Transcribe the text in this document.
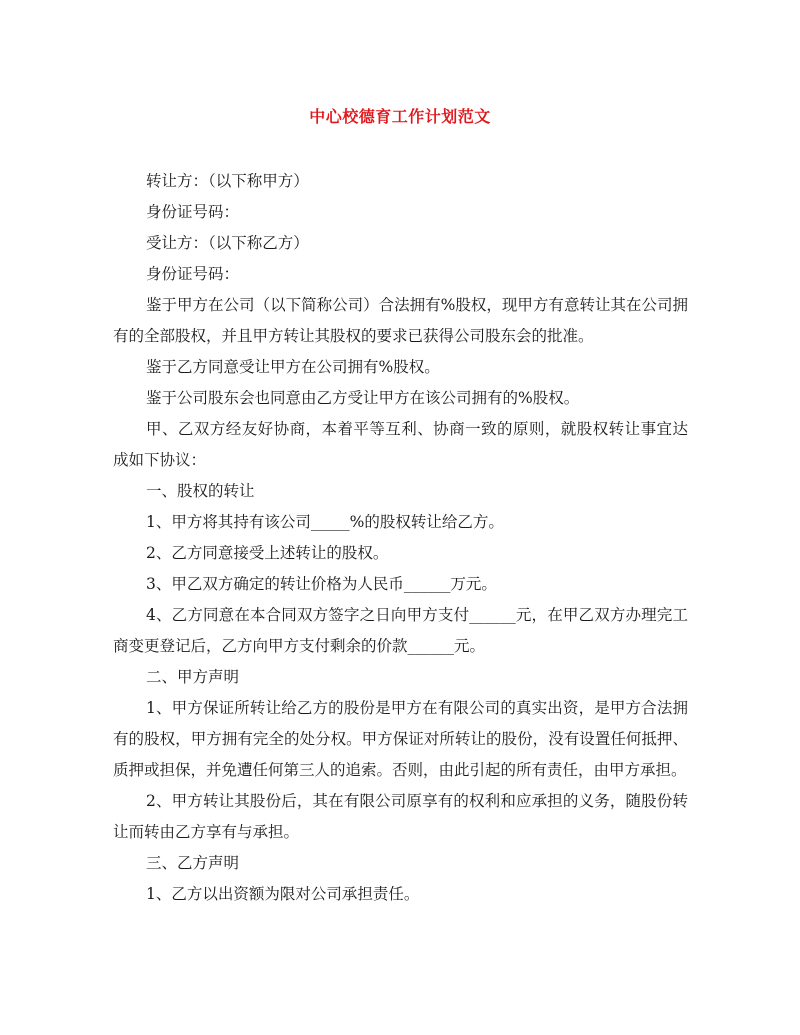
中心校德育工作计划范文

转让方：（以下称甲方）

身份证号码：

受让方：（以下称乙方）

身份证号码：

鉴于甲方在公司（以下简称公司）合法拥有%股权，现甲方有意转让其在公司拥有的全部股权，并且甲方转让其股权的要求已获得公司股东会的批准。

鉴于乙方同意受让甲方在公司拥有%股权。

鉴于公司股东会也同意由乙方受让甲方在该公司拥有的%股权。

甲、乙双方经友好协商，本着平等互利、协商一致的原则，就股权转让事宜达成如下协议：

一、股权的转让

1、甲方将其持有该公司_____%的股权转让给乙方。

2、乙方同意接受上述转让的股权。

3、甲乙双方确定的转让价格为人民币______万元。

4、乙方同意在本合同双方签字之日向甲方支付______元，在甲乙双方办理完工商变更登记后，乙方向甲方支付剩余的价款______元。

二、甲方声明

1、甲方保证所转让给乙方的股份是甲方在有限公司的真实出资，是甲方合法拥有的股权，甲方拥有完全的处分权。甲方保证对所转让的股份，没有设置任何抵押、质押或担保，并免遭任何第三人的追索。否则，由此引起的所有责任，由甲方承担。

2、甲方转让其股份后，其在有限公司原享有的权利和应承担的义务，随股份转让而转由乙方享有与承担。

三、乙方声明

1、乙方以出资额为限对公司承担责任。
